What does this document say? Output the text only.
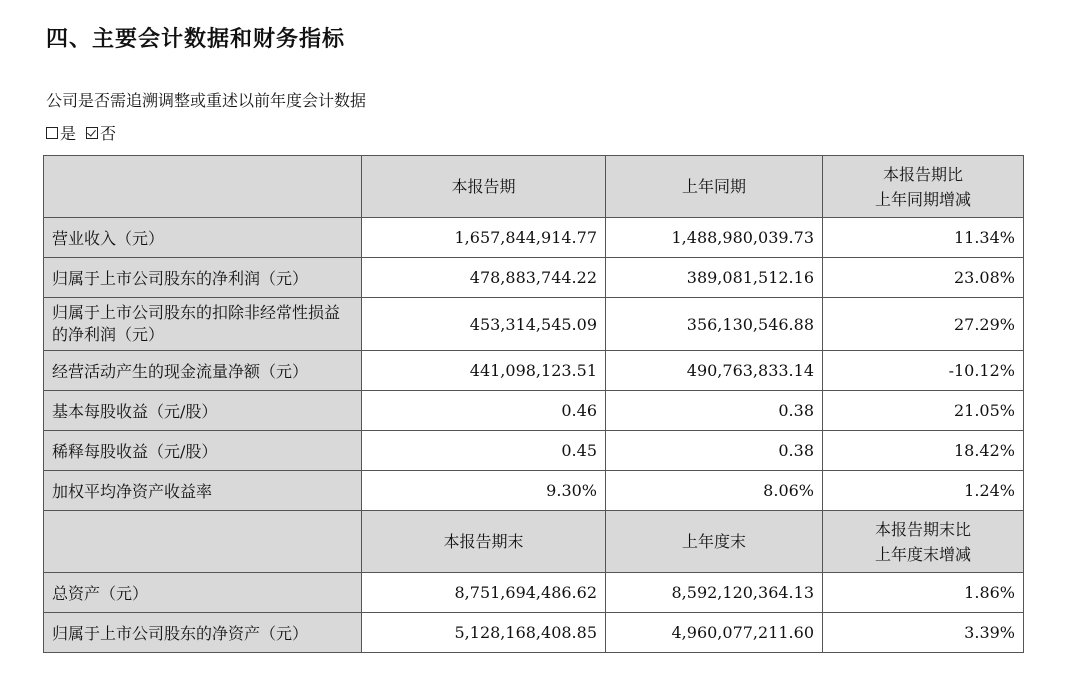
四、主要会计数据和财务指标
公司是否需追溯调整或重述以前年度会计数据
是 否
	本报告期	上年同期	本报告期比
上年同期增减

营业收入（元）	1,657,844,914.77	1,488,980,039.73	11.34%
归属于上市公司股东的净利润（元）	478,883,744.22	389,081,512.16	23.08%
归属于上市公司股东的扣除非经常性损益的净利润（元）	453,314,545.09	356,130,546.88	27.29%
经营活动产生的现金流量净额（元）	441,098,123.51	490,763,833.14	-10.12%
基本每股收益（元/股）	0.46	0.38	21.05%
稀释每股收益（元/股）	0.45	0.38	18.42%
加权平均净资产收益率	9.30%	8.06%	1.24%
	本报告期末	上年度末	本报告期末比
上年度末增减

总资产（元）	8,751,694,486.62	8,592,120,364.13	1.86%
归属于上市公司股东的净资产（元）	5,128,168,408.85	4,960,077,211.60	3.39%
